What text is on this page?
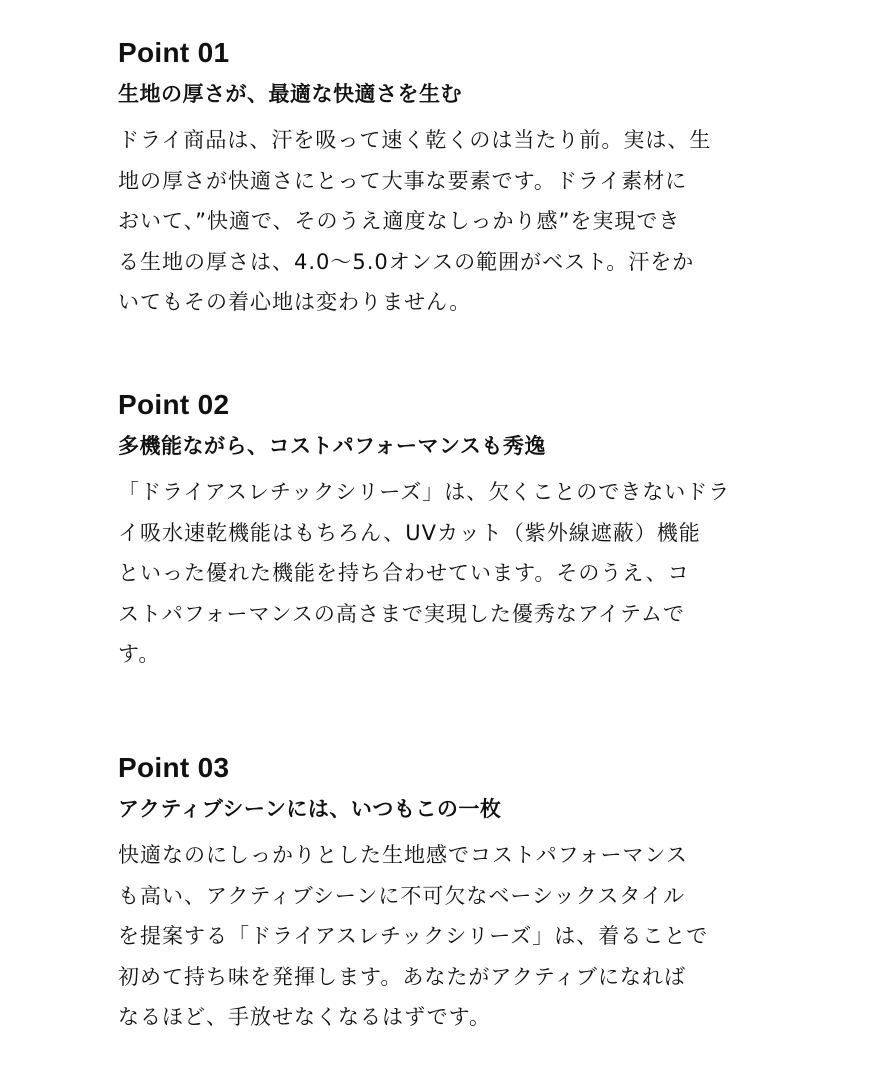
Point 01
生地の厚さが、最適な快適さを生む

ドライ商品は、汗を吸って速く乾くのは当たり前。実は、生
地の厚さが快適さにとって大事な要素です。ドライ素材に
おいて、”快適で、そのうえ適度なしっかり感”を実現でき
る生地の厚さは、4.0〜5.0オンスの範囲がベスト。汗をか
いてもその着心地は変わりません。

Point 02
多機能ながら、コストパフォーマンスも秀逸

「ドライアスレチックシリーズ」は、欠くことのできないドラ
イ吸水速乾機能はもちろん、UVカット（紫外線遮蔽）機能
といった優れた機能を持ち合わせています。そのうえ、コ
ストパフォーマンスの高さまで実現した優秀なアイテムで
す。

Point 03
アクティブシーンには、いつもこの一枚

快適なのにしっかりとした生地感でコストパフォーマンス
も高い、アクティブシーンに不可欠なベーシックスタイル
を提案する「ドライアスレチックシリーズ」は、着ることで
初めて持ち味を発揮します。あなたがアクティブになれば
なるほど、手放せなくなるはずです。
